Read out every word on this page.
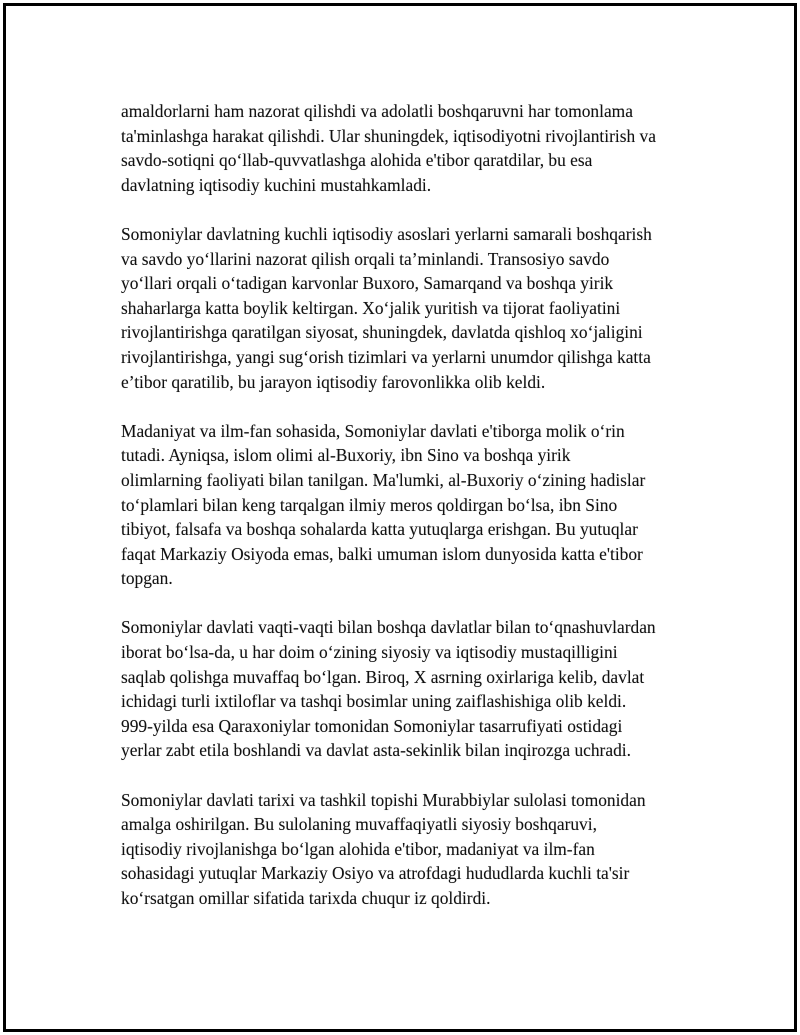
amaldorlarni ham nazorat qilishdi va adolatli boshqaruvni har tomonlama
ta'minlashga harakat qilishdi. Ular shuningdek, iqtisodiyotni rivojlantirish va
savdo-sotiqni qo‘llab-quvvatlashga alohida e'tibor qaratdilar, bu esa
davlatning iqtisodiy kuchini mustahkamladi.

Somoniylar davlatning kuchli iqtisodiy asoslari yerlarni samarali boshqarish
va savdo yo‘llarini nazorat qilish orqali ta’minlandi. Transosiyo savdo
yo‘llari orqali o‘tadigan karvonlar Buxoro, Samarqand va boshqa yirik
shaharlarga katta boylik keltirgan. Xo‘jalik yuritish va tijorat faoliyatini
rivojlantirishga qaratilgan siyosat, shuningdek, davlatda qishloq xo‘jaligini
rivojlantirishga, yangi sug‘orish tizimlari va yerlarni unumdor qilishga katta
e’tibor qaratilib, bu jarayon iqtisodiy farovonlikka olib keldi.

Madaniyat va ilm-fan sohasida, Somoniylar davlati e'tiborga molik o‘rin
tutadi. Ayniqsa, islom olimi al-Buxoriy, ibn Sino va boshqa yirik
olimlarning faoliyati bilan tanilgan. Ma'lumki, al-Buxoriy o‘zining hadislar
to‘plamlari bilan keng tarqalgan ilmiy meros qoldirgan bo‘lsa, ibn Sino
tibiyot, falsafa va boshqa sohalarda katta yutuqlarga erishgan. Bu yutuqlar
faqat Markaziy Osiyoda emas, balki umuman islom dunyosida katta e'tibor
topgan.

Somoniylar davlati vaqti-vaqti bilan boshqa davlatlar bilan to‘qnashuvlardan
iborat bo‘lsa-da, u har doim o‘zining siyosiy va iqtisodiy mustaqilligini
saqlab qolishga muvaffaq bo‘lgan. Biroq, X asrning oxirlariga kelib, davlat
ichidagi turli ixtiloflar va tashqi bosimlar uning zaiflashishiga olib keldi.
999-yilda esa Qaraxoniylar tomonidan Somoniylar tasarrufiyati ostidagi
yerlar zabt etila boshlandi va davlat asta-sekinlik bilan inqirozga uchradi.

Somoniylar davlati tarixi va tashkil topishi Murabbiylar sulolasi tomonidan
amalga oshirilgan. Bu sulolaning muvaffaqiyatli siyosiy boshqaruvi,
iqtisodiy rivojlanishga bo‘lgan alohida e'tibor, madaniyat va ilm-fan
sohasidagi yutuqlar Markaziy Osiyo va atrofdagi hududlarda kuchli ta'sir
ko‘rsatgan omillar sifatida tarixda chuqur iz qoldirdi.
